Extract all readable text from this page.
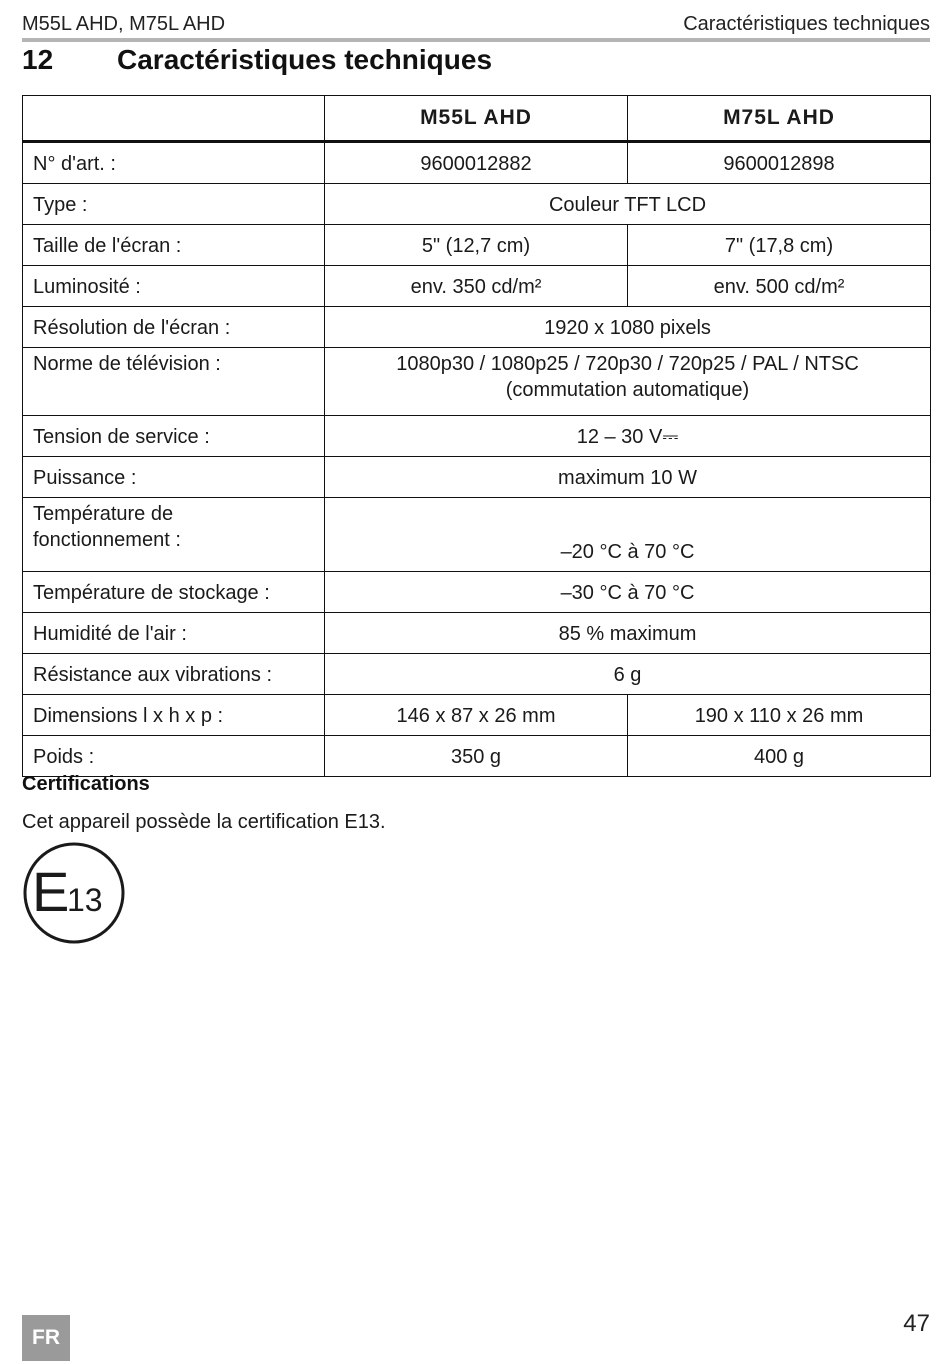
M55L AHD, M75L AHD	Caractéristiques techniques
12	Caractéristiques techniques
	M55L AHD	M75L AHD
N° d'art. :	9600012882	9600012898
Type :	Couleur TFT LCD	
Taille de l'écran :	5" (12,7 cm)	7" (17,8 cm)
Luminosité :	env. 350 cd/m²	env. 500 cd/m²
Résolution de l'écran :	1920 x 1080 pixels	
Norme de télévision :	1080p30 / 1080p25 / 720p30 / 720p25 / PAL / NTSC
(commutation automatique)	

Tension de service :	12 – 30 V⎓	
Puissance :	maximum 10 W	

Température de
fonctionnement :	–20 °C à 70 °C	
Température de stockage :	–30 °C à 70 °C	
Humidité de l'air :	85 % maximum	
Résistance aux vibrations :	6 g	
Dimensions l x h x p :	146 x 87 x 26 mm	190 x 110 x 26 mm
Poids :	350 g	400 g
Certifications
Cet appareil possède la certification E13.
E
13
FR
47
